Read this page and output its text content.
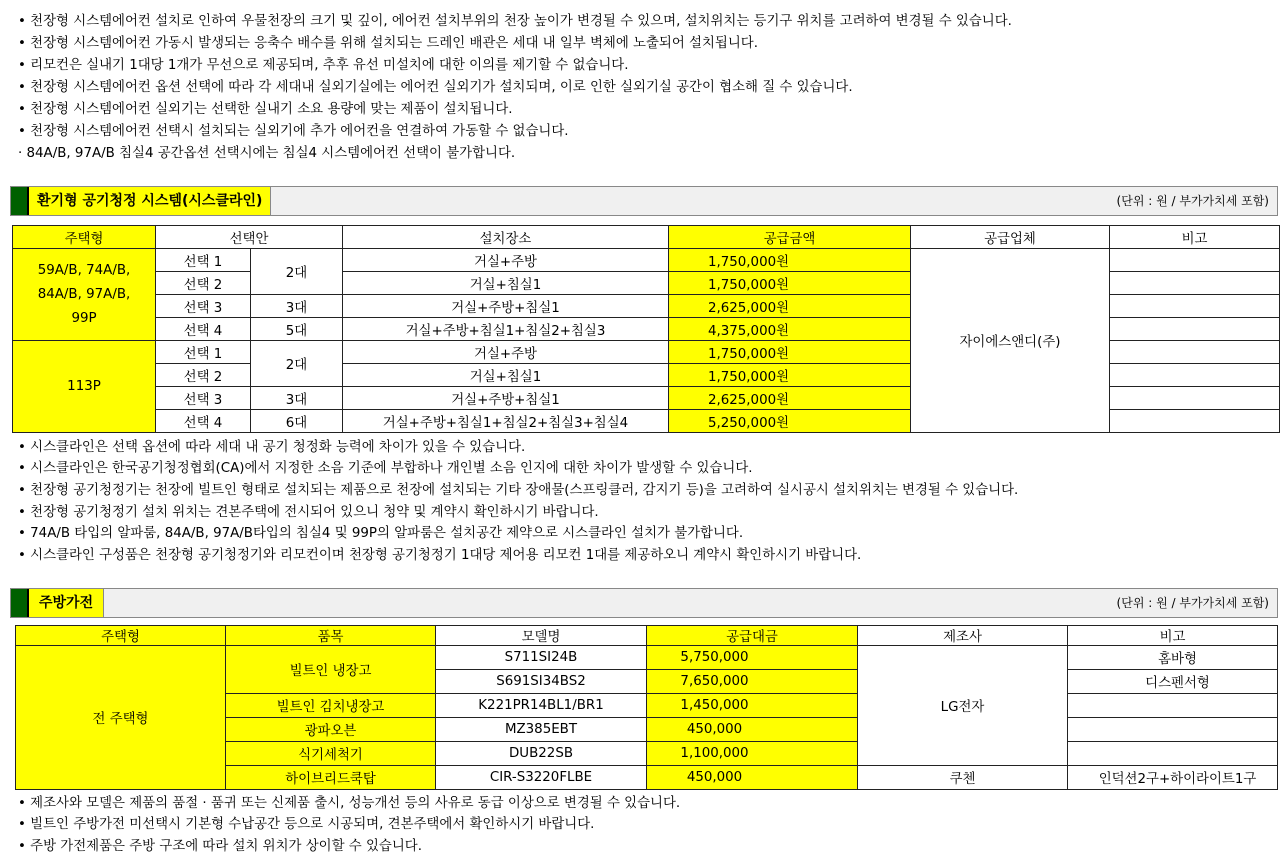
• 천장형 시스템에어컨 설치로 인하여 우물천장의 크기 및 깊이, 에어컨 설치부위의 천장 높이가 변경될 수 있으며, 설치위치는 등기구 위치를 고려하여 변경될 수 있습니다.
• 천장형 시스템에어컨 가동시 발생되는 응축수 배수를 위해 설치되는 드레인 배관은 세대 내 일부 벽체에 노출되어 설치됩니다.
• 리모컨은 실내기 1대당 1개가 무선으로 제공되며, 추후 유선 미설치에 대한 이의를 제기할 수 없습니다.
• 천장형 시스템에어컨 옵션 선택에 따라 각 세대내 실외기실에는 에어컨 실외기가 설치되며, 이로 인한 실외기실 공간이 협소해 질 수 있습니다.
• 천장형 시스템에어컨 실외기는 선택한 실내기 소요 용량에 맞는 제품이 설치됩니다.
• 천장형 시스템에어컨 선택시 설치되는 실외기에 추가 에어컨을 연결하여 가동할 수 없습니다.
· 84A/B, 97A/B 침실4 공간옵션 선택시에는 침실4 시스템에어컨 선택이 불가합니다.
환기형 공기청정 시스템(시스클라인)	(단위 : 원 / 부가가치세 포함)
주택형	선택안		설치장소	공급금액	공급업체	비고
59A/B, 74A/B,
84A/B, 97A/B,
99P	선택 1	2대	거실+주방	1,750,000원	자이에스앤디(주)	
	선택 2		거실+침실1	1,750,000원		
	선택 3	3대	거실+주방+침실1	2,625,000원		
	선택 4	5대	거실+주방+침실1+침실2+침실3	4,375,000원		
113P	선택 1	2대	거실+주방	1,750,000원		
	선택 2		거실+침실1	1,750,000원		
	선택 3	3대	거실+주방+침실1	2,625,000원		
	선택 4	6대	거실+주방+침실1+침실2+침실3+침실4	5,250,000원		
• 시스클라인은 선택 옵션에 따라 세대 내 공기 청정화 능력에 차이가 있을 수 있습니다.
• 시스클라인은 한국공기청정협회(CA)에서 지정한 소음 기준에 부합하나 개인별 소음 인지에 대한 차이가 발생할 수 있습니다.
• 천장형 공기청정기는 천장에 빌트인 형태로 설치되는 제품으로 천장에 설치되는 기타 장애물(스프링클러, 감지기 등)을 고려하여 실시공시 설치위치는 변경될 수 있습니다.
• 천장형 공기청정기 설치 위치는 견본주택에 전시되어 있으니 청약 및 계약시 확인하시기 바랍니다.
• 74A/B 타입의 알파룸, 84A/B, 97A/B타입의 침실4 및 99P의 알파룸은 설치공간 제약으로 시스클라인 설치가 불가합니다.
• 시스클라인 구성품은 천장형 공기청정기와 리모컨이며 천장형 공기청정기 1대당 제어용 리모컨 1대를 제공하오니 계약시 확인하시기 바랍니다.
주방가전	(단위 : 원 / 부가가치세 포함)
주택형	품목	모델명	공급대금	제조사	비고
전 주택형	빌트인 냉장고	S711SI24B	5,750,000	LG전자	홈바형
		S691SI34BS2	7,650,000		디스펜서형
	빌트인 김치냉장고	K221PR14BL1/BR1	1,450,000		
	광파오븐	MZ385EBT	450,000		
	식기세척기	DUB22SB	1,100,000		
	하이브리드쿡탑	CIR-S3220FLBE	450,000	쿠첸	인덕션2구+하이라이트1구
• 제조사와 모델은 제품의 품절 · 품귀 또는 신제품 출시, 성능개선 등의 사유로 동급 이상으로 변경될 수 있습니다.
• 빌트인 주방가전 미선택시 기본형 수납공간 등으로 시공되며, 견본주택에서 확인하시기 바랍니다.
• 주방 가전제품은 주방 구조에 따라 설치 위치가 상이할 수 있습니다.
